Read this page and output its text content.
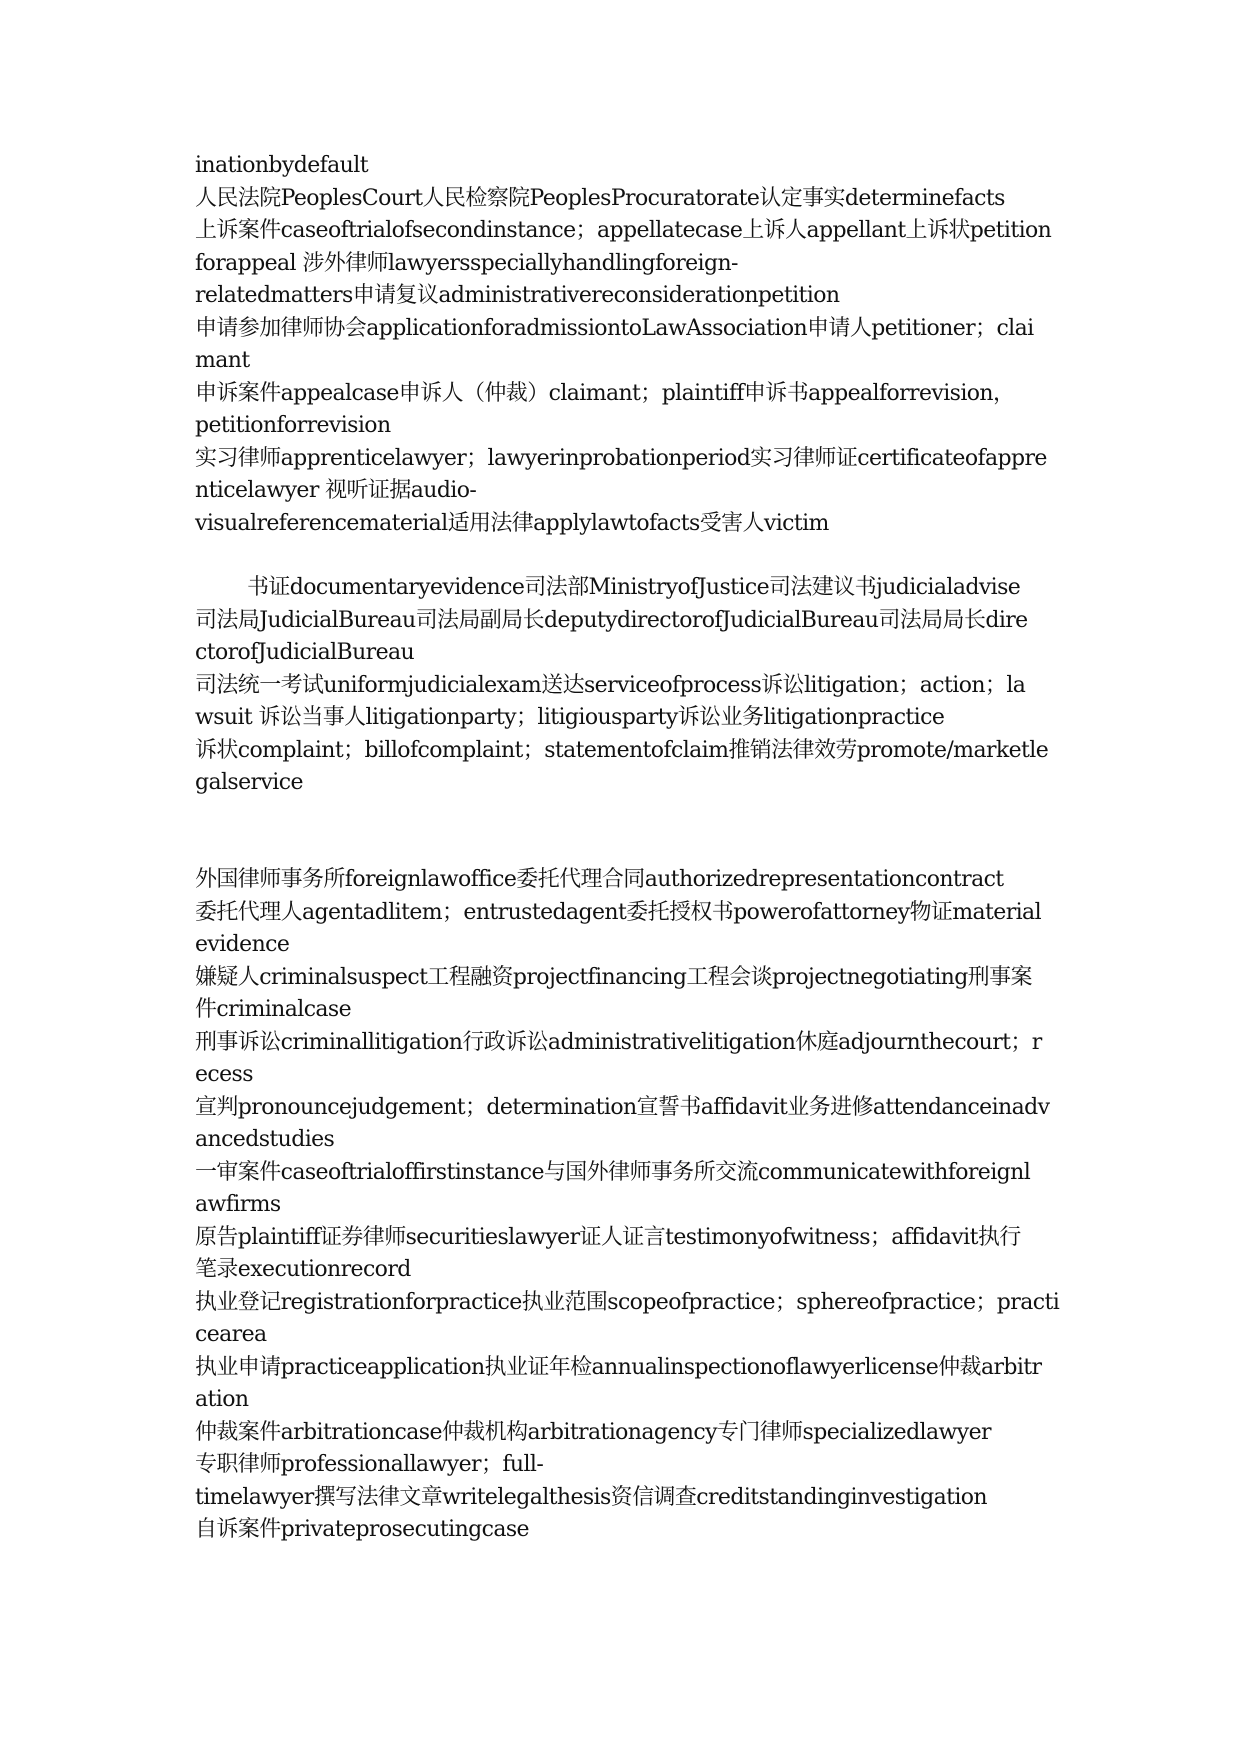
inationbydefault
人民法院PeoplesCourt人民检察院PeoplesProcuratorate认定事实determinefacts
上诉案件caseoftrialofsecondinstance；appellatecase上诉人appellant上诉状petition
forappeal 涉外律师lawyersspeciallyhandlingforeign-
relatedmatters申请复议administrativereconsiderationpetition
申请参加律师协会applicationforadmissiontoLawAssociation申请人petitioner；clai
mant
申诉案件appealcase申诉人（仲裁）claimant；plaintiff申诉书appealforrevision，
petitionforrevision
实习律师apprenticelawyer；lawyerinprobationperiod实习律师证certificateofappre
nticelawyer 视听证据audio-
visualreferencematerial适用法律applylawtofacts受害人victim
书证documentaryevidence司法部MinistryofJustice司法建议书judicialadvise
司法局JudicialBureau司法局副局长deputydirectorofJudicialBureau司法局局长dire
ctorofJudicialBureau
司法统一考试uniformjudicialexam送达serviceofprocess诉讼litigation；action；la
wsuit 诉讼当事人litigationparty；litigiousparty诉讼业务litigationpractice
诉状complaint；billofcomplaint；statementofclaim推销法律效劳promote/marketle
galservice
外国律师事务所foreignlawoffice委托代理合同authorizedrepresentationcontract
委托代理人agentadlitem；entrustedagent委托授权书powerofattorney物证material
evidence
嫌疑人criminalsuspect工程融资projectfinancing工程会谈projectnegotiating刑事案
件criminalcase
刑事诉讼criminallitigation行政诉讼administrativelitigation休庭adjournthecourt；r
ecess
宣判pronouncejudgement；determination宣誓书affidavit业务进修attendanceinadv
ancedstudies
一审案件caseoftrialoffirstinstance与国外律师事务所交流communicatewithforeignl
awfirms
原告plaintiff证券律师securitieslawyer证人证言testimonyofwitness；affidavit执行
笔录executionrecord
执业登记registrationforpractice执业范围scopeofpractice；sphereofpractice；practi
cearea
执业申请practiceapplication执业证年检annualinspectionoflawyerlicense仲裁arbitr
ation
仲裁案件arbitrationcase仲裁机构arbitrationagency专门律师specializedlawyer
专职律师professionallawyer；full-
timelawyer撰写法律文章writelegalthesis资信调查creditstandinginvestigation
自诉案件privateprosecutingcase
